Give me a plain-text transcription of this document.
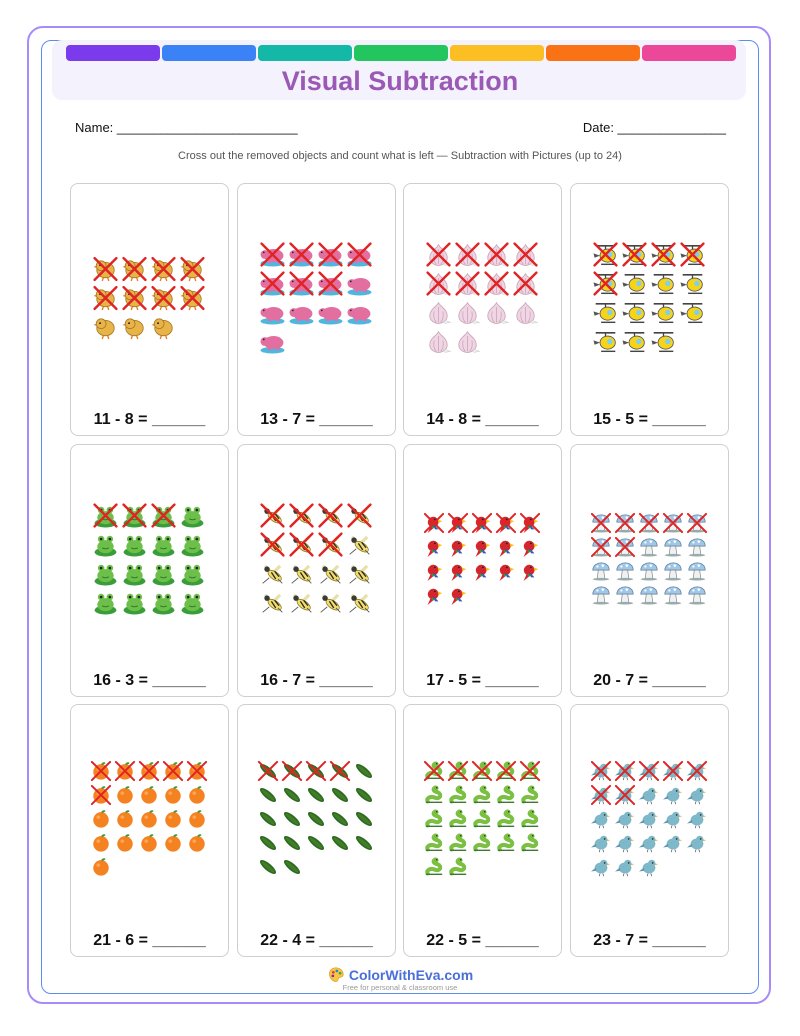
Visual Subtraction
Name: _________________________	Date: _______________
Cross out the removed objects and count what is left — Subtraction with Pictures (up to 24)
11 - 8 = ______	13 - 7 = ______	14 - 8 = ______	15 - 5 = ______
16 - 3 = ______	16 - 7 = ______	17 - 5 = ______	20 - 7 = ______
21 - 6 = ______	22 - 4 = ______	22 - 5 = ______	23 - 7 = ______
ColorWithEva.com
Free for personal & classroom use
